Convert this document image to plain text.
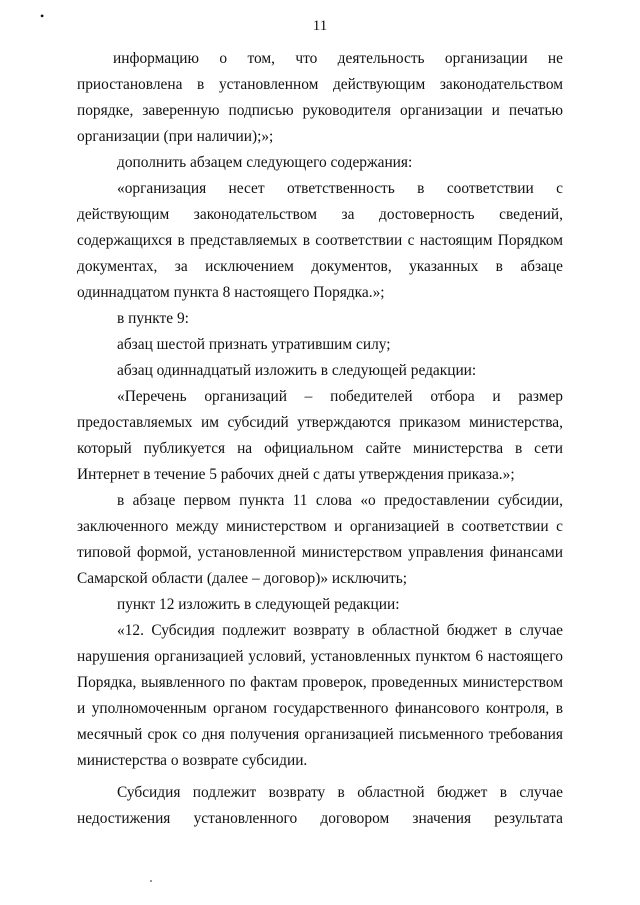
•
11

информацию о том, что деятельность организации не приостановлена в установленном действующим законодательством порядке, заверенную подписью руководителя организации и печатью организации (при наличии);»;

дополнить абзацем следующего содержания:

«организация несет ответственность в соответствии с действующим законодательством за достоверность сведений, содержащихся в представляемых в соответствии с настоящим Порядком документах, за исключением документов, указанных в абзаце одиннадцатом пункта 8 настоящего Порядка.»;

в пункте 9:

абзац шестой признать утратившим силу;

абзац одиннадцатый изложить в следующей редакции:

«Перечень организаций – победителей отбора и размер предоставляемых им субсидий утверждаются приказом министерства, который публикуется на официальном сайте министерства в сети Интернет в течение 5 рабочих дней с даты утверждения приказа.»;

в абзаце первом пункта 11 слова «о предоставлении субсидии, заключенного между министерством и организацией в соответствии с типовой формой, установленной министерством управления финансами Самарской области (далее – договор)» исключить;

пункт 12 изложить в следующей редакции:

«12. Субсидия подлежит возврату в областной бюджет в случае нарушения организацией условий, установленных пунктом 6 настоящего Порядка, выявленного по фактам проверок, проведенных министерством и уполномоченным органом государственного финансового контроля, в месячный срок со дня получения организацией письменного требования министерства о возврате субсидии.

Субсидия подлежит возврату в областной бюджет в случае недостижения установленного договором значения результата
